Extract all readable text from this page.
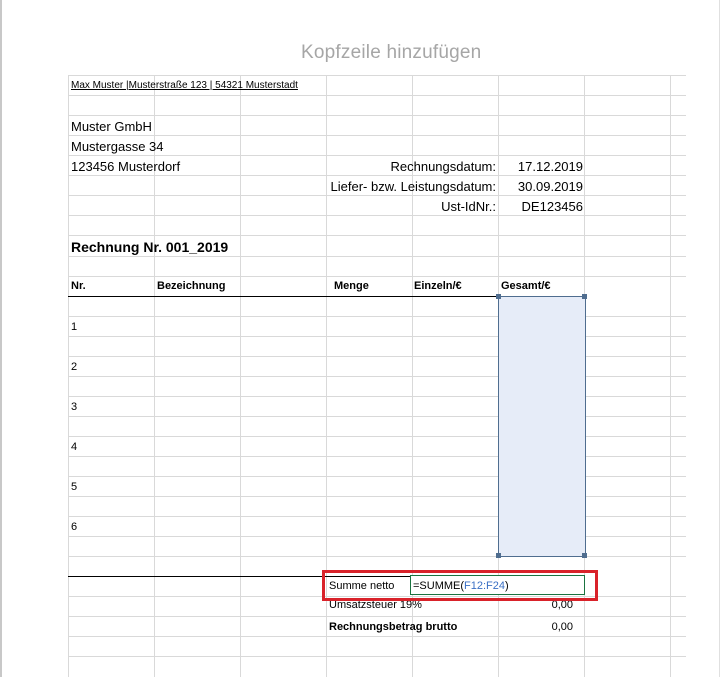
Kopfzeile hinzufügen
Max Muster |Musterstraße 123 | 54321 Musterstadt
Muster GmbH
Mustergasse 34
123456 Musterdorf	Rechnungsdatum: 17.12.2019
Liefer- bzw. Leistungsdatum: 30.09.2019
Ust-IdNr.: DE123456
Rechnung Nr. 001_2019
Nr.	Bezeichnung	Menge	Einzeln/€	Gesamt/€
1
2
3
4
5
6
Summe netto =SUMME(F12:F24)
Umsatzsteuer 19%	0,00
Rechnungsbetrag brutto	0,00
